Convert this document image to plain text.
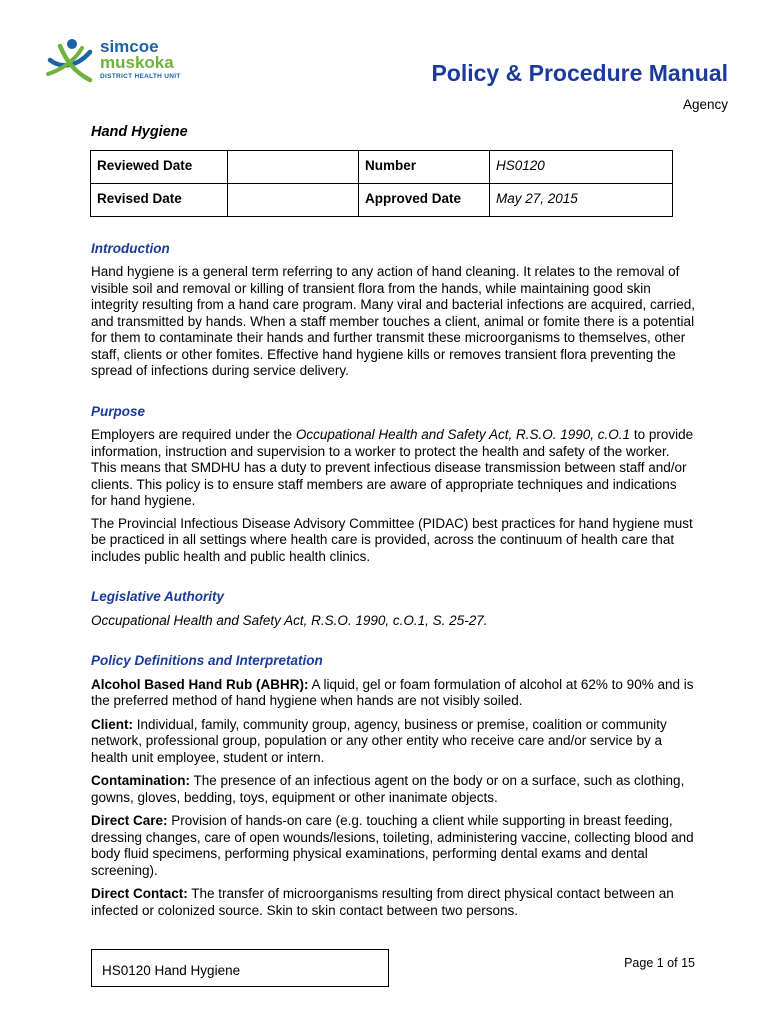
simcoe
muskoka
DISTRICT HEALTH UNIT	Policy & Procedure Manual
Agency
Hand Hygiene
Reviewed Date		Number	HS0120
Revised Date		Approved Date	May 27, 2015
Introduction

Hand hygiene is a general term referring to any action of hand cleaning. It relates to the removal of visible soil and removal or killing of transient flora from the hands, while maintaining good skin integrity resulting from a hand care program. Many viral and bacterial infections are acquired, carried, and transmitted by hands. When a staff member touches a client, animal or fomite there is a potential for them to contaminate their hands and further transmit these microorganisms to themselves, other staff, clients or other fomites. Effective hand hygiene kills or removes transient flora preventing the spread of infections during service delivery.

Purpose

Employers are required under the Occupational Health and Safety Act, R.S.O. 1990, c.O.1 to provide information, instruction and supervision to a worker to protect the health and safety of the worker. This means that SMDHU has a duty to prevent infectious disease transmission between staff and/or clients. This policy is to ensure staff members are aware of appropriate techniques and indications for hand hygiene.

The Provincial Infectious Disease Advisory Committee (PIDAC) best practices for hand hygiene must be practiced in all settings where health care is provided, across the continuum of health care that includes public health and public health clinics.

Legislative Authority

Occupational Health and Safety Act, R.S.O. 1990, c.O.1, S. 25-27.

Policy Definitions and Interpretation

Alcohol Based Hand Rub (ABHR): A liquid, gel or foam formulation of alcohol at 62% to 90% and is the preferred method of hand hygiene when hands are not visibly soiled.

Client: Individual, family, community group, agency, business or premise, coalition or community network, professional group, population or any other entity who receive care and/or service by a health unit employee, student or intern.

Contamination: The presence of an infectious agent on the body or on a surface, such as clothing, gowns, gloves, bedding, toys, equipment or other inanimate objects.

Direct Care: Provision of hands-on care (e.g. touching a client while supporting in breast feeding, dressing changes, care of open wounds/lesions, toileting, administering vaccine, collecting blood and body fluid specimens, performing physical examinations, performing dental exams and dental screening).

Direct Contact: The transfer of microorganisms resulting from direct physical contact between an infected or colonized source. Skin to skin contact between two persons.

HS0120 Hand Hygiene	Page 1 of 15
